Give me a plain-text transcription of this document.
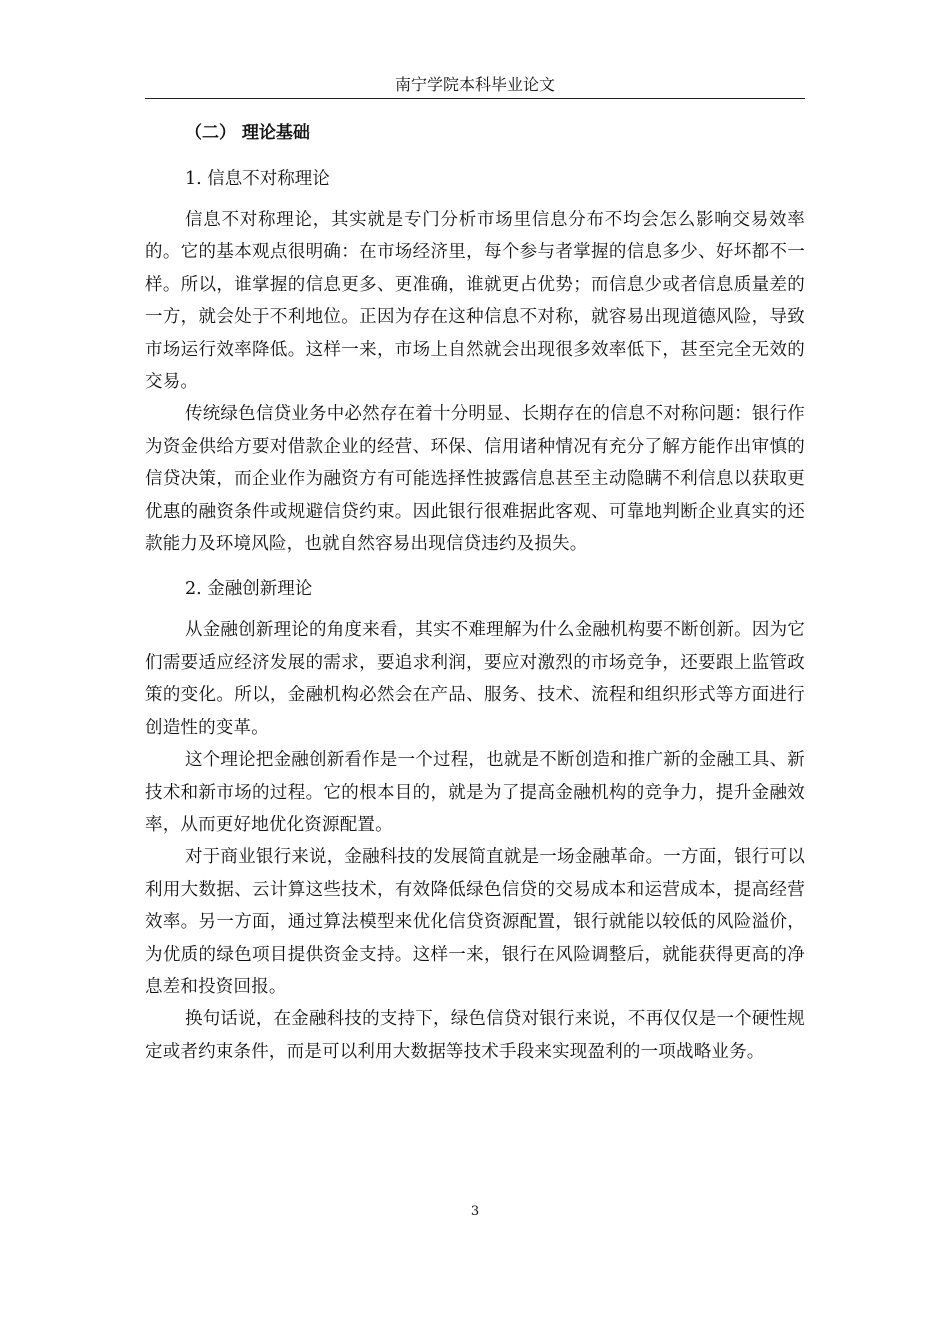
南宁学院本科毕业论文
（二） 理论基础
1. 信息不对称理论

信息不对称理论，其实就是专门分析市场里信息分布不均会怎么影响交易效率的。它的基本观点很明确：在市场经济里，每个参与者掌握的信息多少、好坏都不一样。所以，谁掌握的信息更多、更准确，谁就更占优势；而信息少或者信息质量差的一方，就会处于不利地位。正因为存在这种信息不对称，就容易出现道德风险，导致市场运行效率降低。这样一来，市场上自然就会出现很多效率低下，甚至完全无效的交易。

传统绿色信贷业务中必然存在着十分明显、长期存在的信息不对称问题：银行作为资金供给方要对借款企业的经营、环保、信用诸种情况有充分了解方能作出审慎的信贷决策，而企业作为融资方有可能选择性披露信息甚至主动隐瞒不利信息以获取更优惠的融资条件或规避信贷约束。因此银行很难据此客观、可靠地判断企业真实的还款能力及环境风险，也就自然容易出现信贷违约及损失。

2. 金融创新理论

从金融创新理论的角度来看，其实不难理解为什么金融机构要不断创新。因为它们需要适应经济发展的需求，要追求利润，要应对激烈的市场竞争，还要跟上监管政策的变化。所以，金融机构必然会在产品、服务、技术、流程和组织形式等方面进行创造性的变革。

这个理论把金融创新看作是一个过程，也就是不断创造和推广新的金融工具、新技术和新市场的过程。它的根本目的，就是为了提高金融机构的竞争力，提升金融效率，从而更好地优化资源配置。

对于商业银行来说，金融科技的发展简直就是一场金融革命。一方面，银行可以利用大数据、云计算这些技术，有效降低绿色信贷的交易成本和运营成本，提高经营效率。另一方面，通过算法模型来优化信贷资源配置，银行就能以较低的风险溢价，为优质的绿色项目提供资金支持。这样一来，银行在风险调整后，就能获得更高的净息差和投资回报。

换句话说，在金融科技的支持下，绿色信贷对银行来说，不再仅仅是一个硬性规定或者约束条件，而是可以利用大数据等技术手段来实现盈利的一项战略业务。

3
